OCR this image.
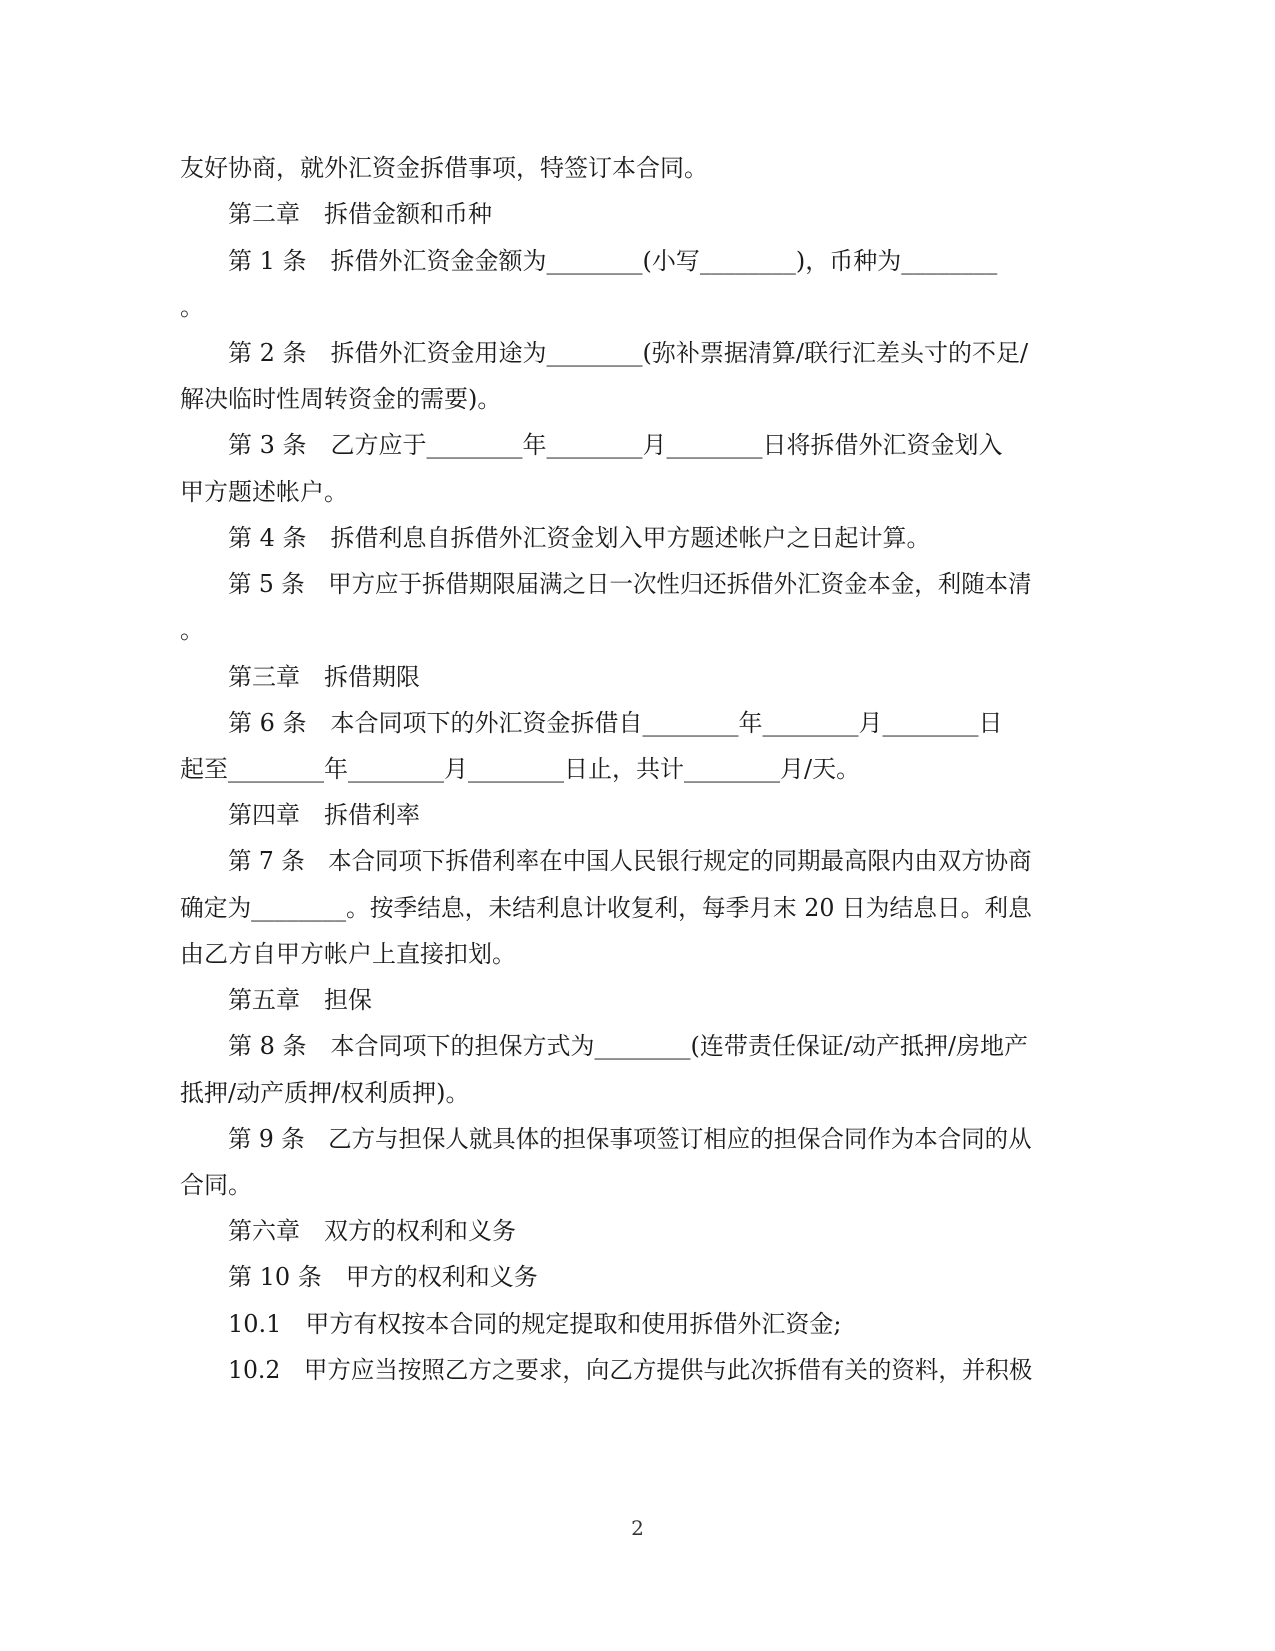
友好协商，就外汇资金拆借事项，特签订本合同。
第二章　拆借金额和币种
第 1 条　拆借外汇资金金额为________(小写________)，币种为________
。
第 2 条　拆借外汇资金用途为________(弥补票据清算/联行汇差头寸的不足/
解决临时性周转资金的需要)。
第 3 条　乙方应于________年________月________日将拆借外汇资金划入
甲方题述帐户。
第 4 条　拆借利息自拆借外汇资金划入甲方题述帐户之日起计算。
第 5 条　甲方应于拆借期限届满之日一次性归还拆借外汇资金本金，利随本清
。
第三章　拆借期限
第 6 条　本合同项下的外汇资金拆借自________年________月________日
起至________年________月________日止，共计________月/天。
第四章　拆借利率
第 7 条　本合同项下拆借利率在中国人民银行规定的同期最高限内由双方协商
确定为________。按季结息，未结利息计收复利，每季月末 20 日为结息日。利息
由乙方自甲方帐户上直接扣划。
第五章　担保
第 8 条　本合同项下的担保方式为________(连带责任保证/动产抵押/房地产
抵押/动产质押/权利质押)。
第 9 条　乙方与担保人就具体的担保事项签订相应的担保合同作为本合同的从
合同。
第六章　双方的权利和义务
第 10 条　甲方的权利和义务
10.1　甲方有权按本合同的规定提取和使用拆借外汇资金;
10.2　甲方应当按照乙方之要求，向乙方提供与此次拆借有关的资料，并积极
2
